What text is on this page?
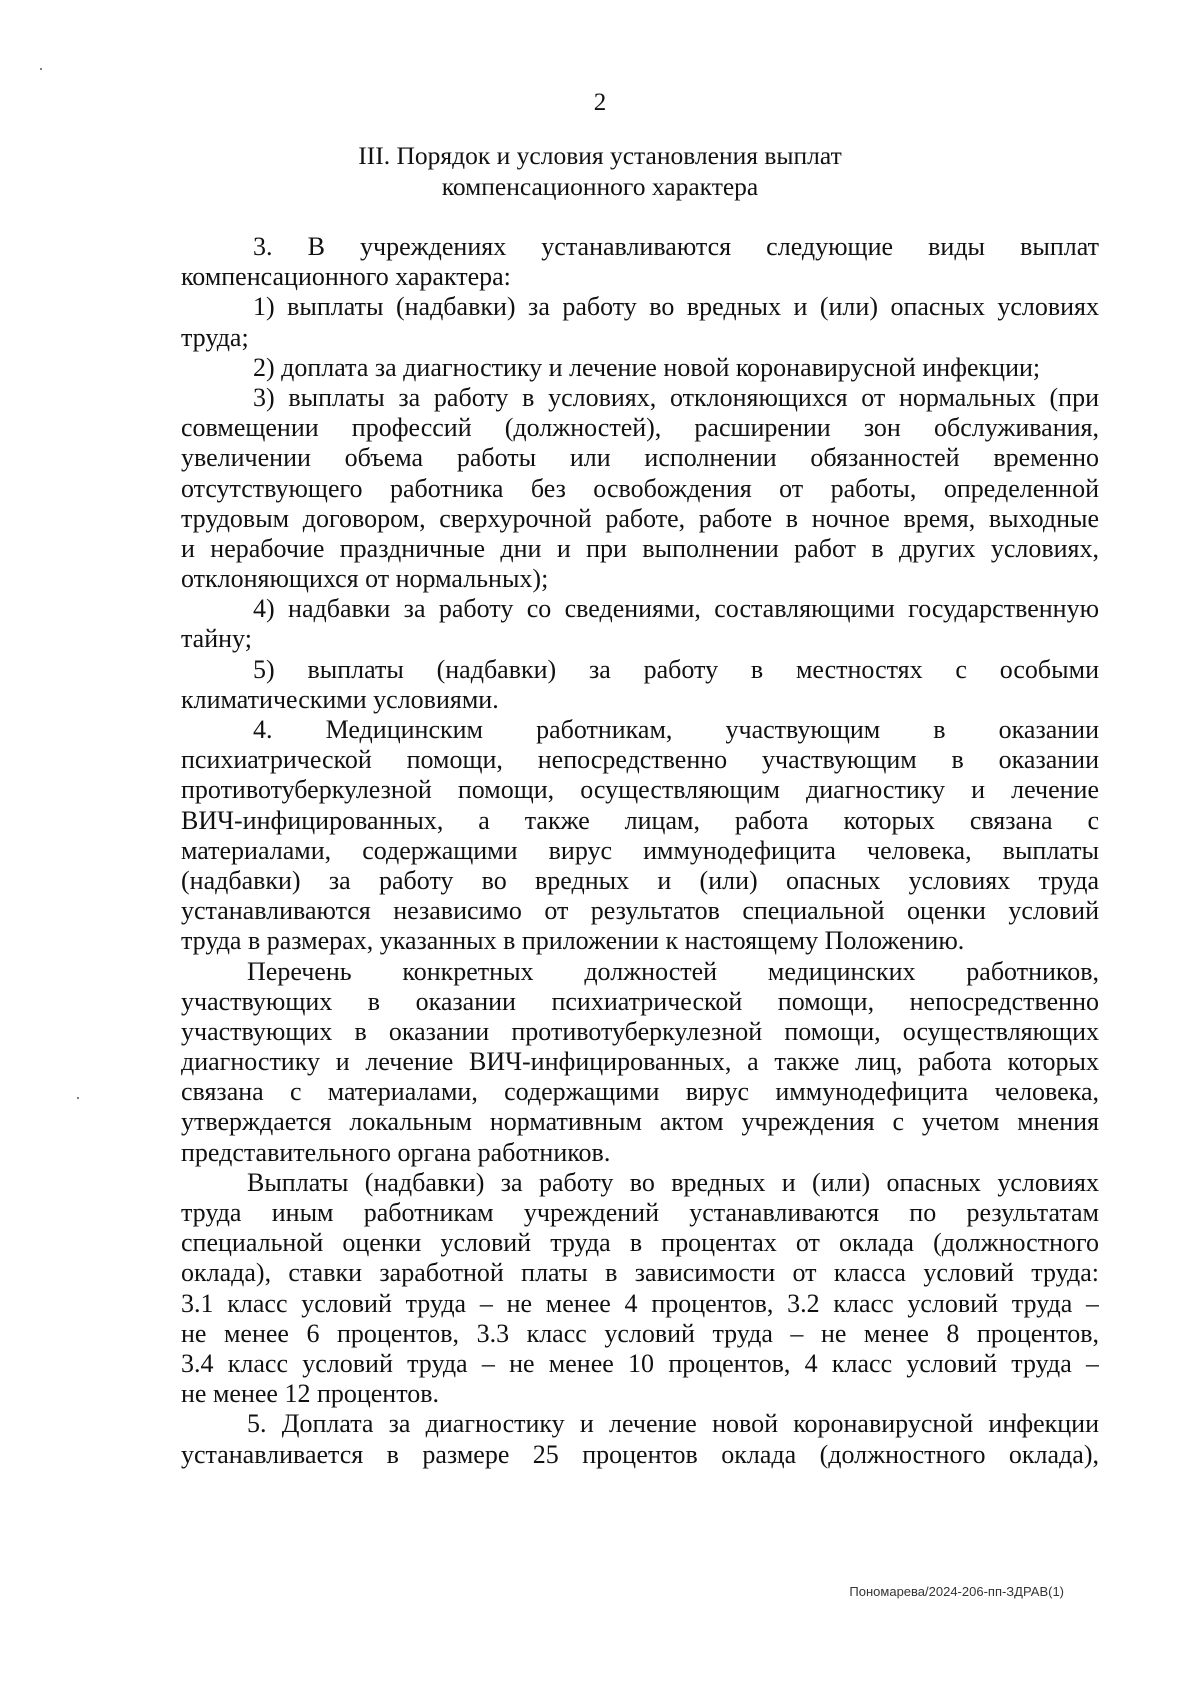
2
III. Порядок и условия установления выплат
компенсационного характера
3. В учреждениях устанавливаются следующие виды выплат
компенсационного характера:
1) выплаты (надбавки) за работу во вредных и (или) опасных условиях
труда;
2) доплата за диагностику и лечение новой коронавирусной инфекции;
3) выплаты за работу в условиях, отклоняющихся от нормальных (при
совмещении профессий (должностей), расширении зон обслуживания,
увеличении объема работы или исполнении обязанностей временно
отсутствующего работника без освобождения от работы, определенной
трудовым договором, сверхурочной работе, работе в ночное время, выходные
и нерабочие праздничные дни и при выполнении работ в других условиях,
отклоняющихся от нормальных);
4) надбавки за работу со сведениями, составляющими государственную
тайну;
5) выплаты (надбавки) за работу в местностях с особыми
климатическими условиями.
4. Медицинским работникам, участвующим в оказании
психиатрической помощи, непосредственно участвующим в оказании
противотуберкулезной помощи, осуществляющим диагностику и лечение
ВИЧ-инфицированных, а также лицам, работа которых связана с
материалами, содержащими вирус иммунодефицита человека, выплаты
(надбавки) за работу во вредных и (или) опасных условиях труда
устанавливаются независимо от результатов специальной оценки условий
труда в размерах, указанных в приложении к настоящему Положению.
Перечень конкретных должностей медицинских работников,
участвующих в оказании психиатрической помощи, непосредственно
участвующих в оказании противотуберкулезной помощи, осуществляющих
диагностику и лечение ВИЧ-инфицированных, а также лиц, работа которых
связана с материалами, содержащими вирус иммунодефицита человека,
утверждается локальным нормативным актом учреждения с учетом мнения
представительного органа работников.
Выплаты (надбавки) за работу во вредных и (или) опасных условиях
труда иным работникам учреждений устанавливаются по результатам
специальной оценки условий труда в процентах от оклада (должностного
оклада), ставки заработной платы в зависимости от класса условий труда:
3.1 класс условий труда – не менее 4 процентов, 3.2 класс условий труда –
не менее 6 процентов, 3.3 класс условий труда – не менее 8 процентов,
3.4 класс условий труда – не менее 10 процентов, 4 класс условий труда –
не менее 12 процентов.
5. Доплата за диагностику и лечение новой коронавирусной инфекции
устанавливается в размере 25 процентов оклада (должностного оклада),
Пономарева/2024-206-пп-ЗДРАВ(1)
